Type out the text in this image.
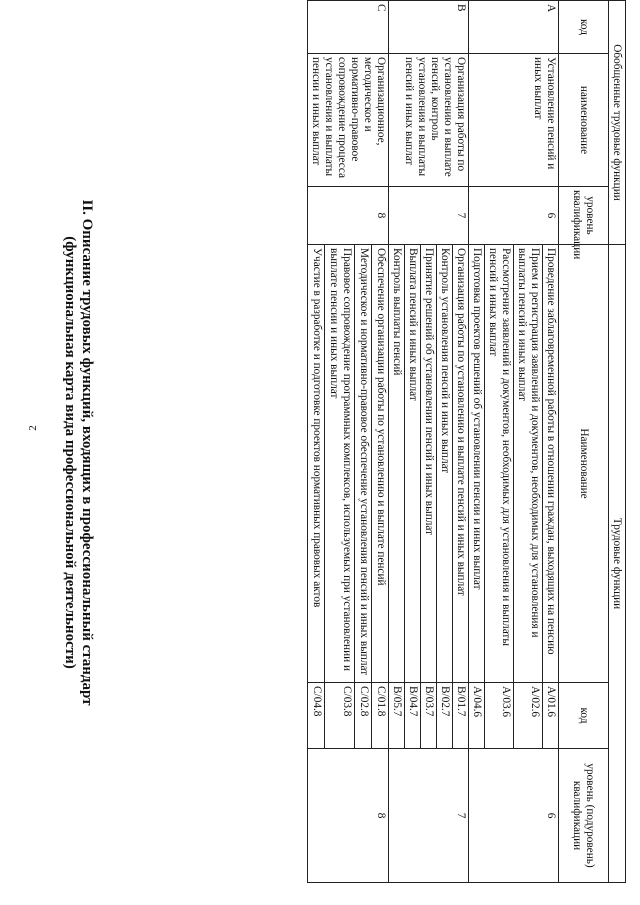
2	II. Описание трудовых функций, входящих в профессиональный стандарт
(функциональная карта вида профессиональной деятельности)
Обобщенные трудовые функции			Трудовые функции		
код	наименование	уровень квалификации	Наименование	код	уровень (подуровень) квалификации
А	Установление пенсий и иных выплат	6	Проведение заблаговременной работы в отношении граждан, выходящих на пенсию	А/01.6	6
			Прием и регистрация заявлений и документов, необходимых для установления и выплаты пенсий и иных выплат	А/02.6	
			Рассмотрение заявлений и документов, необходимых для установления и выплаты пенсий и иных выплат	А/03.6	
			Подготовка проектов решений об установлении пенсии и иных выплат	А/04.6	
В	Организация работы по установлению и выплате пенсий, контроль установления и выплаты пенсий и иных выплат	7	Организация работы по установлению и выплате пенсий и иных выплат	В/01.7	7
			Контроль установления пенсий и иных выплат	В/02.7	
			Принятие решений об установлении пенсий и иных выплат	В/03.7	
			Выплата пенсий и иных выплат	В/04.7	
			Контроль выплаты пенсий	В/05.7	
С	Организационное, методическое и нормативно-правовое сопровождение процесса установления и выплаты пенсии и иных выплат	8	Обеспечение организации работы по установлению и выплате пенсий	С/01.8	8
			Методическое и нормативно-правовое обеспечение установления пенсий и иных выплат	С/02.8	
			Правовое сопровождение программных комплексов, используемых при установлении и выплате пенсии и иных выплат	С/03.8	
			Участие в разработке и подготовке проектов нормативных правовых актов	С/04.8	
